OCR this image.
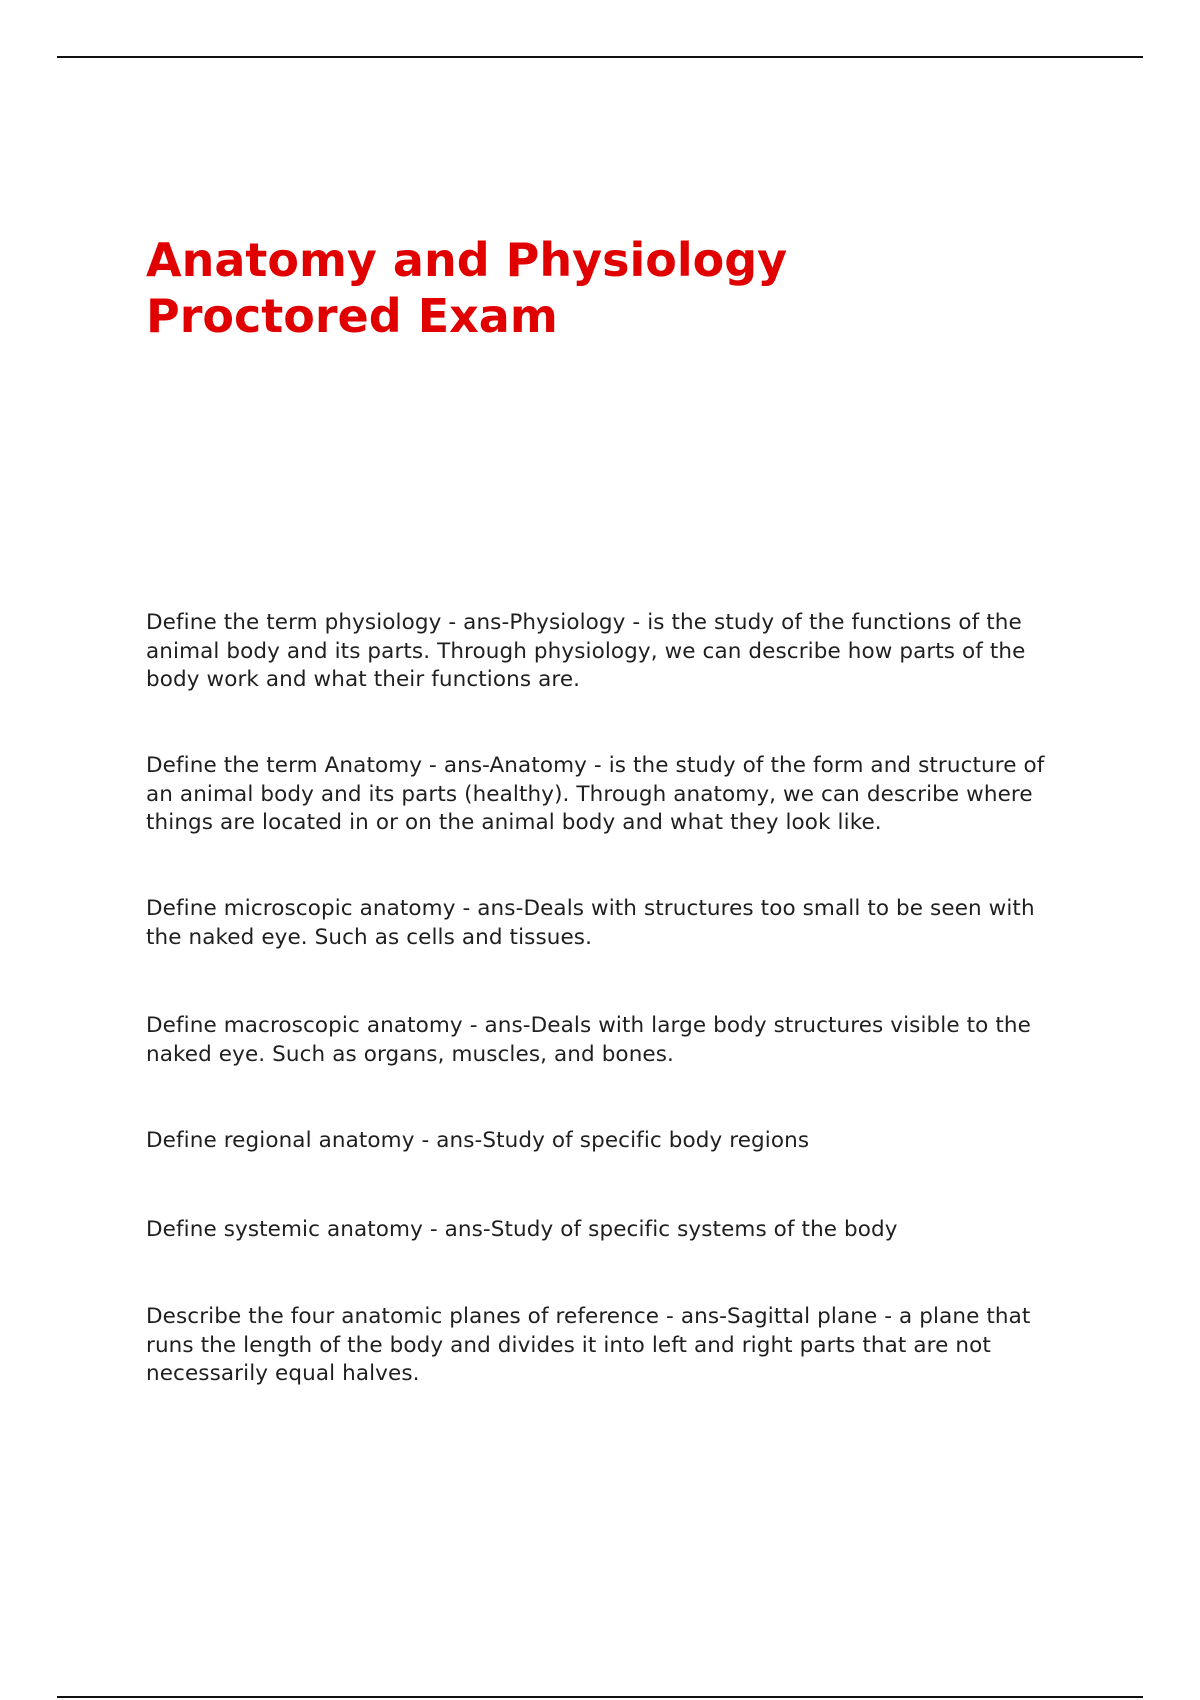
Anatomy and Physiology
Proctored Exam

Define the term physiology - ans-Physiology - is the study of the functions of the
animal body and its parts. Through physiology, we can describe how parts of the
body work and what their functions are.

Define the term Anatomy - ans-Anatomy - is the study of the form and structure of
an animal body and its parts (healthy). Through anatomy, we can describe where
things are located in or on the animal body and what they look like.

Define microscopic anatomy - ans-Deals with structures too small to be seen with
the naked eye. Such as cells and tissues.

Define macroscopic anatomy - ans-Deals with large body structures visible to the
naked eye. Such as organs, muscles, and bones.

Define regional anatomy - ans-Study of specific body regions

Define systemic anatomy - ans-Study of specific systems of the body

Describe the four anatomic planes of reference - ans-Sagittal plane - a plane that
runs the length of the body and divides it into left and right parts that are not
necessarily equal halves.
